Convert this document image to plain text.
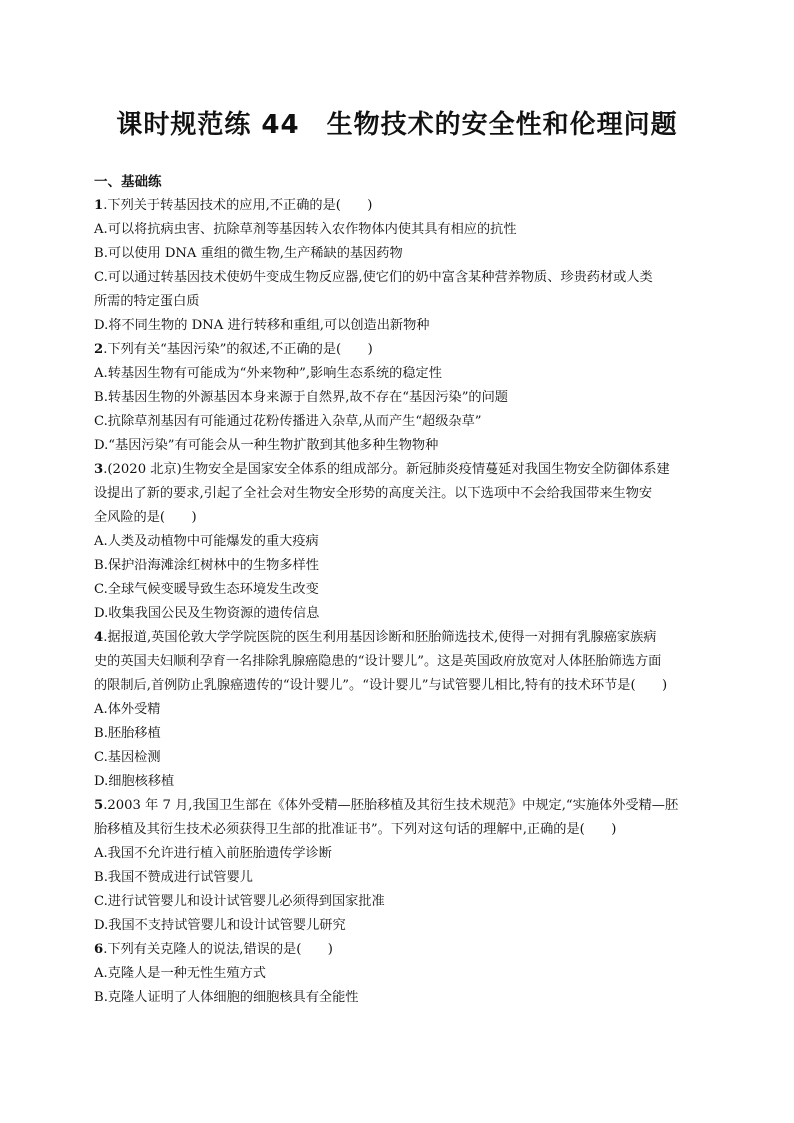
课时规范练 44　生物技术的安全性和伦理问题
一、基础练
1.下列关于转基因技术的应用,不正确的是(　　)
A.可以将抗病虫害、抗除草剂等基因转入农作物体内使其具有相应的抗性
B.可以使用 DNA 重组的微生物,生产稀缺的基因药物
C.可以通过转基因技术使奶牛变成生物反应器,使它们的奶中富含某种营养物质、珍贵药材或人类
所需的特定蛋白质
D.将不同生物的 DNA 进行转移和重组,可以创造出新物种
2.下列有关“基因污染”的叙述,不正确的是(　　)
A.转基因生物有可能成为“外来物种”,影响生态系统的稳定性
B.转基因生物的外源基因本身来源于自然界,故不存在“基因污染”的问题
C.抗除草剂基因有可能通过花粉传播进入杂草,从而产生“超级杂草”
D.“基因污染”有可能会从一种生物扩散到其他多种生物物种
3.(2020 北京)生物安全是国家安全体系的组成部分。新冠肺炎疫情蔓延对我国生物安全防御体系建
设提出了新的要求,引起了全社会对生物安全形势的高度关注。以下选项中不会给我国带来生物安
全风险的是(　　)
A.人类及动植物中可能爆发的重大疫病
B.保护沿海滩涂红树林中的生物多样性
C.全球气候变暖导致生态环境发生改变
D.收集我国公民及生物资源的遗传信息
4.据报道,英国伦敦大学学院医院的医生利用基因诊断和胚胎筛选技术,使得一对拥有乳腺癌家族病
史的英国夫妇顺利孕育一名排除乳腺癌隐患的“设计婴儿”。这是英国政府放宽对人体胚胎筛选方面
的限制后,首例防止乳腺癌遗传的“设计婴儿”。“设计婴儿”与试管婴儿相比,特有的技术环节是(　　)
A.体外受精
B.胚胎移植
C.基因检测
D.细胞核移植
5.2003 年 7 月,我国卫生部在《体外受精—胚胎移植及其衍生技术规范》中规定,“实施体外受精—胚
胎移植及其衍生技术必须获得卫生部的批准证书”。下列对这句话的理解中,正确的是(　　)
A.我国不允许进行植入前胚胎遗传学诊断
B.我国不赞成进行试管婴儿
C.进行试管婴儿和设计试管婴儿必须得到国家批准
D.我国不支持试管婴儿和设计试管婴儿研究
6.下列有关克隆人的说法,错误的是(　　)
A.克隆人是一种无性生殖方式
B.克隆人证明了人体细胞的细胞核具有全能性
